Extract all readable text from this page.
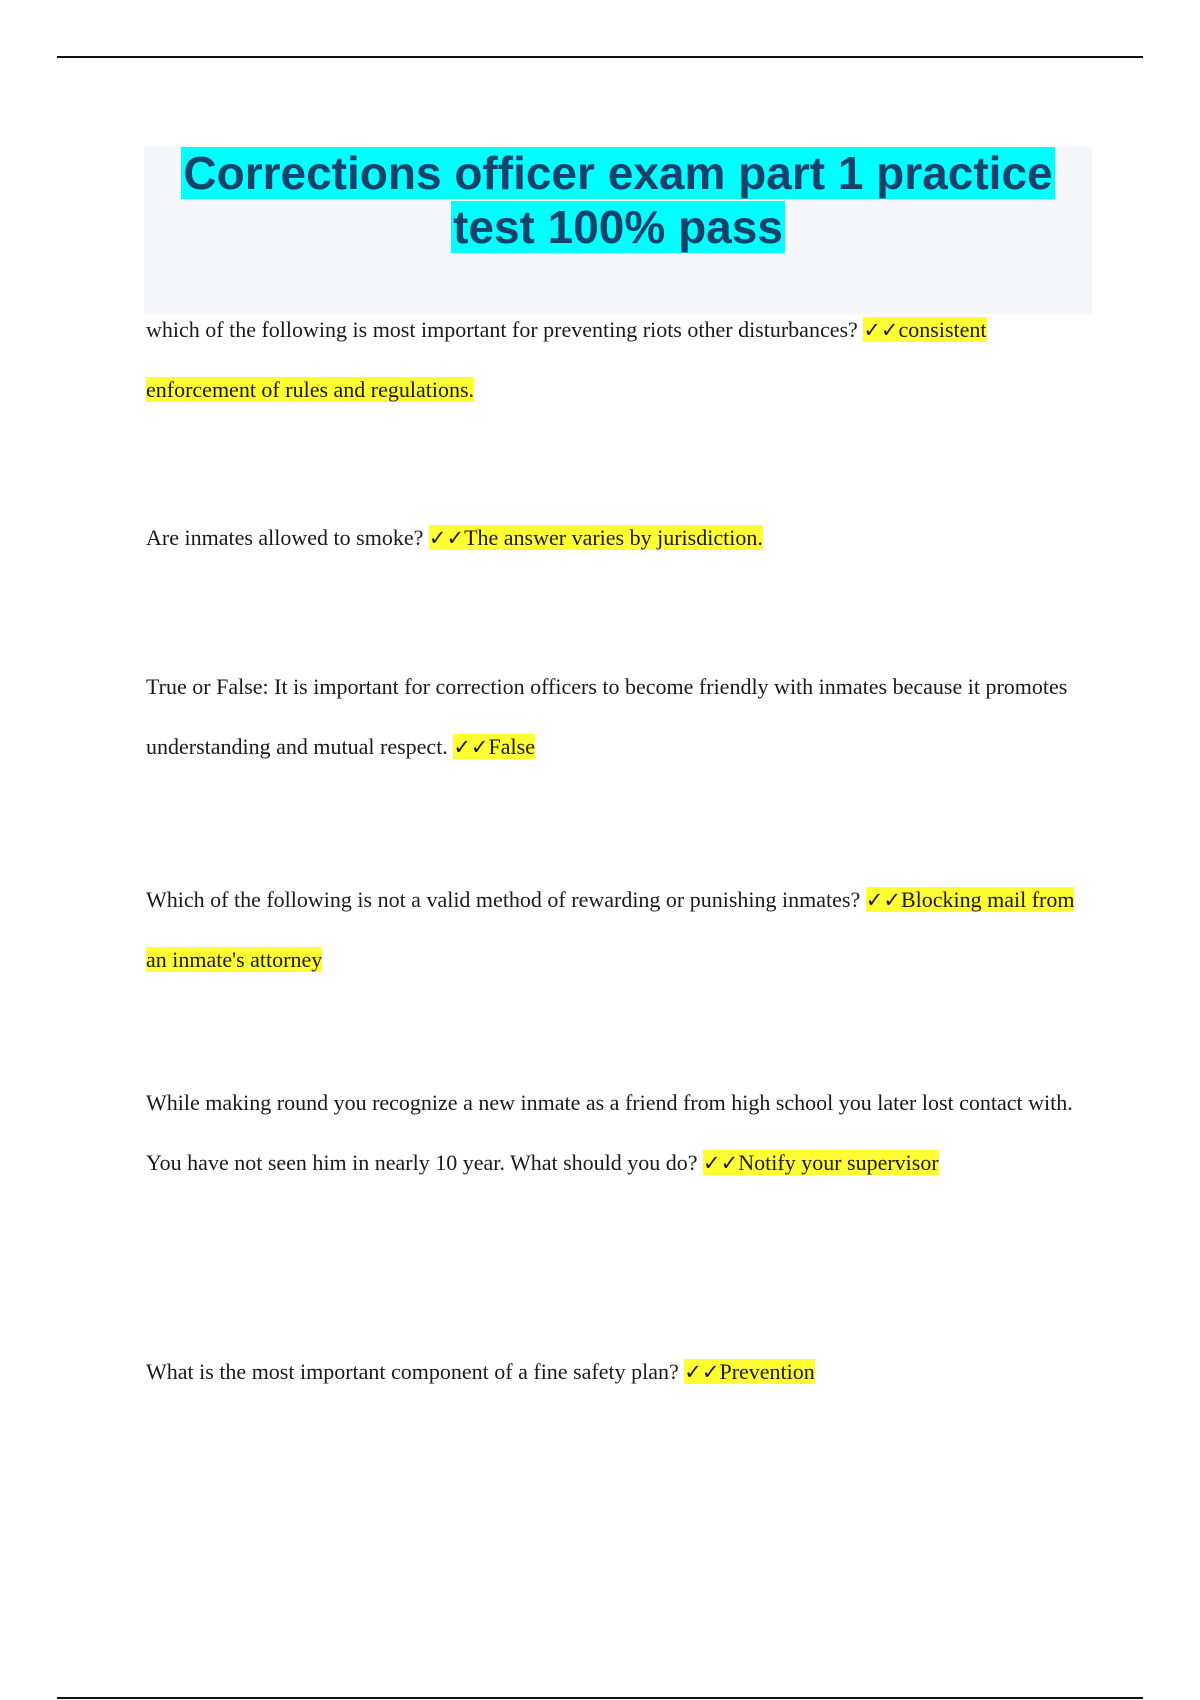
Corrections officer exam part 1 practice test 100% pass

which of the following is most important for preventing riots other disturbances? ✓✓consistent enforcement of rules and regulations.

Are inmates allowed to smoke? ✓✓The answer varies by jurisdiction.

True or False: It is important for correction officers to become friendly with inmates because it promotes understanding and mutual respect. ✓✓False

Which of the following is not a valid method of rewarding or punishing inmates? ✓✓Blocking mail from an inmate's attorney

While making round you recognize a new inmate as a friend from high school you later lost contact with. You have not seen him in nearly 10 year. What should you do? ✓✓Notify your supervisor

What is the most important component of a fine safety plan? ✓✓Prevention
